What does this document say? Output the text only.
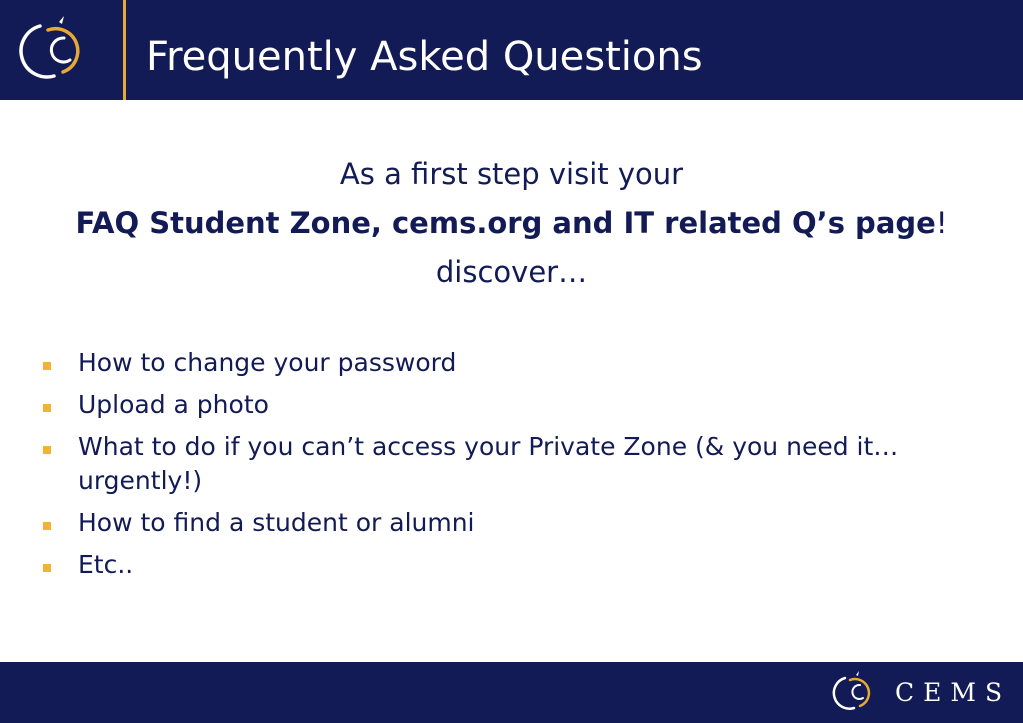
Frequently Asked Questions
As a first step visit your
FAQ Student Zone, cems.org and IT related Q’s page!
discover…
How to change your password
Upload a photo
What to do if you can’t access your Private Zone (& you need it…urgently!)
How to find a student or alumni
Etc..
CEMS
